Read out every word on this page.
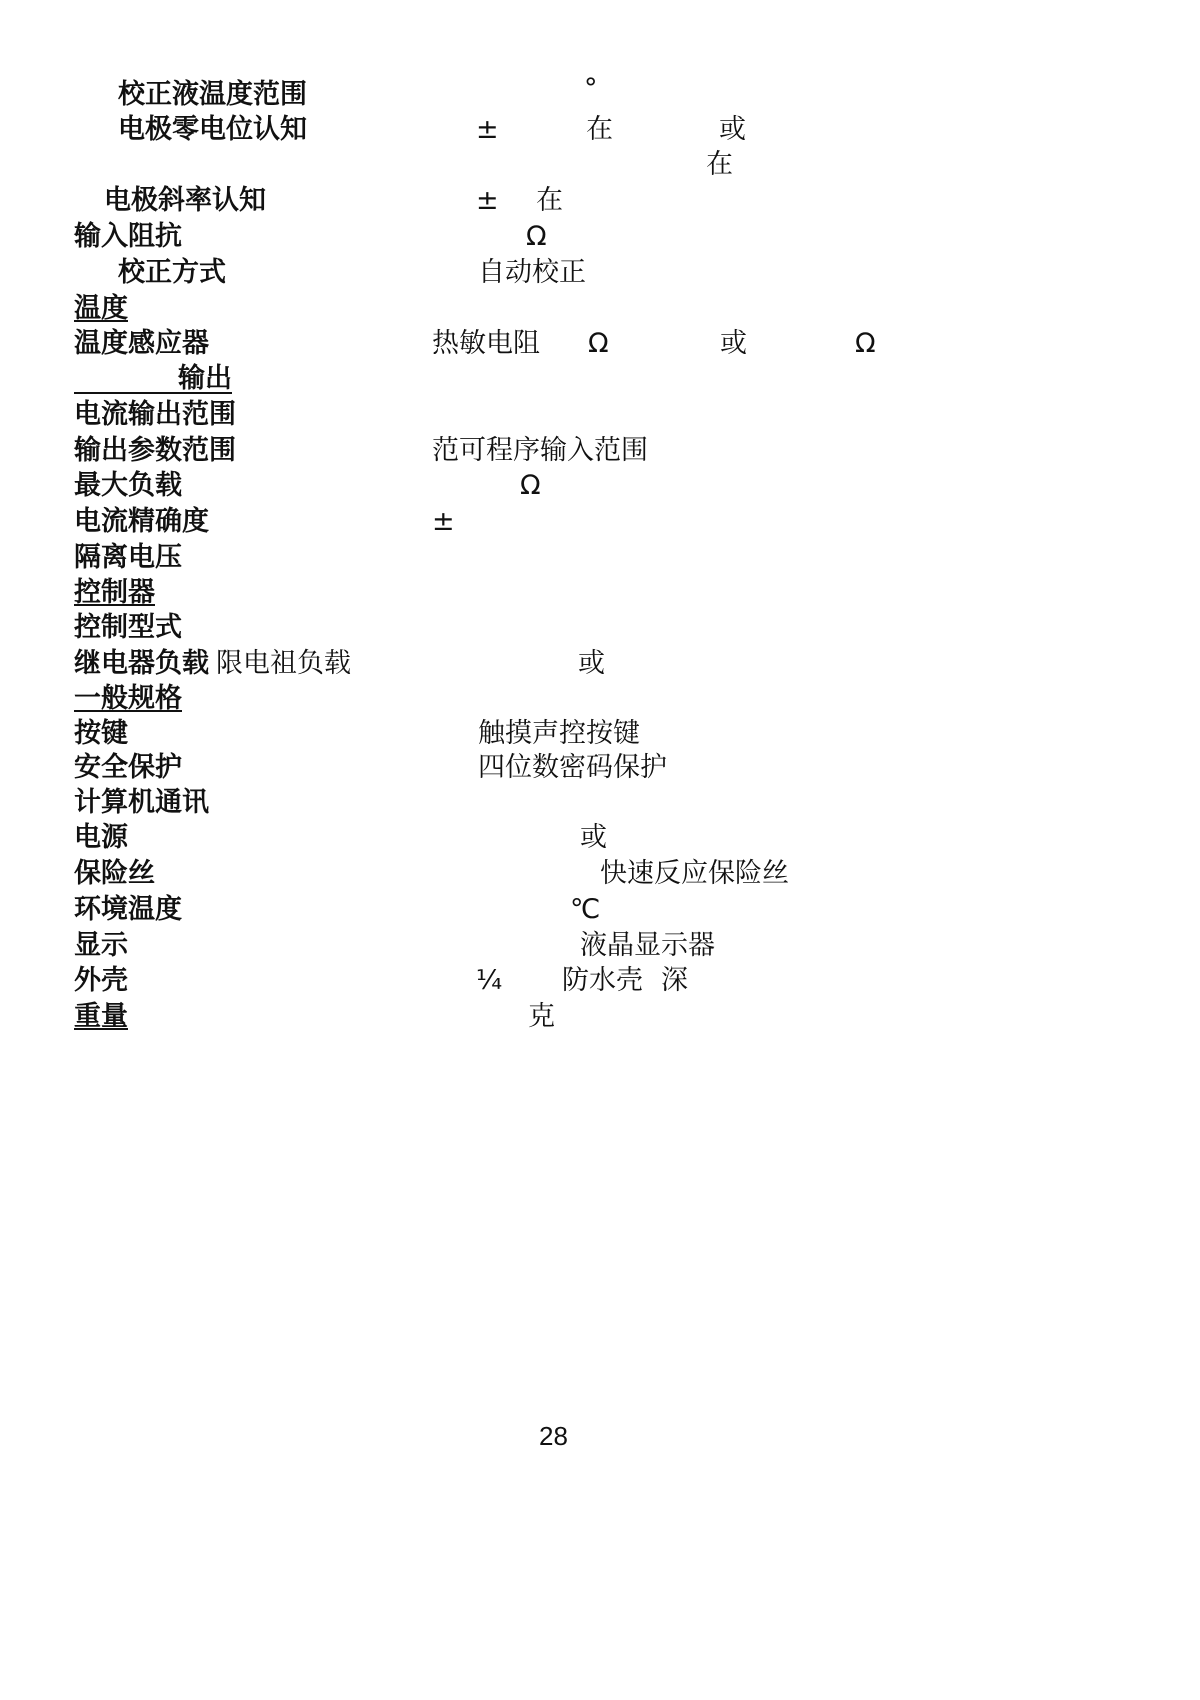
校正液温度范围	°
电极零电位认知	±	在	或
在
电极斜率认知	± 在
输入阻抗	Ω
校正方式	自动校正
温度
温度感应器	热敏电阻 Ω	或	Ω
输出
电流输出范围
输出参数范围	范可程序输入范围
最大负载	Ω
电流精确度	±
隔离电压
控制器
控制型式
继电器负载 限电祖负载	或
一般规格
按键	触摸声控按键
安全保护	四位数密码保护
计算机通讯
电源	或
保险丝	快速反应保险丝
环境温度	℃
显示	液晶显示器
外壳	¼ 防水壳 深
重量	克
28
